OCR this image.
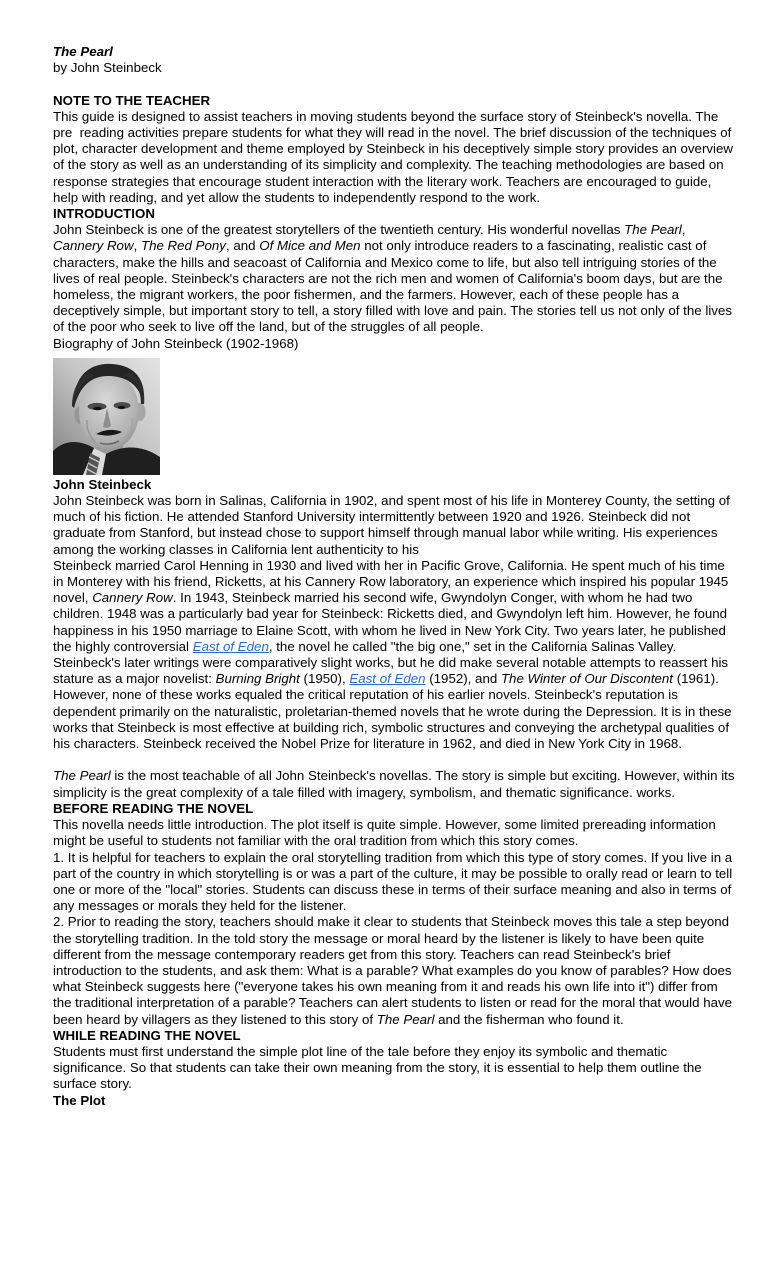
The Pearl
by John Steinbeck
NOTE TO THE TEACHER
This guide is designed to assist teachers in moving students beyond the surface story of Steinbeck's novella. The pre  reading activities prepare students for what they will read in the novel. The brief discussion of the techniques of plot, character development and theme employed by Steinbeck in his deceptively simple story provides an overview of the story as well as an understanding of its simplicity and complexity. The teaching methodologies are based on response strategies that encourage student interaction with the literary work. Teachers are encouraged to guide, help with reading, and yet allow the students to independently respond to the work.
INTRODUCTION
John Steinbeck is one of the greatest storytellers of the twentieth century. His wonderful novellas The Pearl, Cannery Row, The Red Pony, and Of Mice and Men not only introduce readers to a fascinating, realistic cast of characters, make the hills and seacoast of California and Mexico come to life, but also tell intriguing stories of the lives of real people. Steinbeck's characters are not the rich men and women of California's boom days, but are the homeless, the migrant workers, the poor fishermen, and the farmers. However, each of these people has a deceptively simple, but important story to tell, a story filled with love and pain. The stories tell us not only of the lives of the poor who seek to live off the land, but of the struggles of all people.
Biography of John Steinbeck (1902-1968)
John Steinbeck
John Steinbeck was born in Salinas, California in 1902, and spent most of his life in Monterey County, the setting of much of his fiction. He attended Stanford University intermittently between 1920 and 1926. Steinbeck did not graduate from Stanford, but instead chose to support himself through manual labor while writing. His experiences among the working classes in California lent authenticity to his
Steinbeck married Carol Henning in 1930 and lived with her in Pacific Grove, California. He spent much of his time in Monterey with his friend, Ricketts, at his Cannery Row laboratory, an experience which inspired his popular 1945 novel, Cannery Row. In 1943, Steinbeck married his second wife, Gwyndolyn Conger, with whom he had two children. 1948 was a particularly bad year for Steinbeck: Ricketts died, and Gwyndolyn left him. However, he found happiness in his 1950 marriage to Elaine Scott, with whom he lived in New York City. Two years later, he published the highly controversial East of Eden, the novel he called "the big one," set in the California Salinas Valley.
Steinbeck's later writings were comparatively slight works, but he did make several notable attempts to reassert his stature as a major novelist: Burning Bright (1950), East of Eden (1952), and The Winter of Our Discontent (1961). However, none of these works equaled the critical reputation of his earlier novels. Steinbeck's reputation is dependent primarily on the naturalistic, proletarian-themed novels that he wrote during the Depression. It is in these works that Steinbeck is most effective at building rich, symbolic structures and conveying the archetypal qualities of his characters. Steinbeck received the Nobel Prize for literature in 1962, and died in New York City in 1968.
The Pearl is the most teachable of all John Steinbeck's novellas. The story is simple but exciting. However, within its simplicity is the great complexity of a tale filled with imagery, symbolism, and thematic significance. works.
BEFORE READING THE NOVEL
This novella needs little introduction. The plot itself is quite simple. However, some limited prereading information might be useful to students not familiar with the oral tradition from which this story comes.
1. It is helpful for teachers to explain the oral storytelling tradition from which this type of story comes. If you live in a part of the country in which storytelling is or was a part of the culture, it may be possible to orally read or learn to tell one or more of the "local" stories. Students can discuss these in terms of their surface meaning and also in terms of any messages or morals they held for the listener.
2. Prior to reading the story, teachers should make it clear to students that Steinbeck moves this tale a step beyond the storytelling tradition. In the told story the message or moral heard by the listener is likely to have been quite different from the message contemporary readers get from this story. Teachers can read Steinbeck's brief introduction to the students, and ask them: What is a parable? What examples do you know of parables? How does what Steinbeck suggests here ("everyone takes his own meaning from it and reads his own life into it") differ from the traditional interpretation of a parable? Teachers can alert students to listen or read for the moral that would have been heard by villagers as they listened to this story of The Pearl and the fisherman who found it.
WHILE READING THE NOVEL
Students must first understand the simple plot line of the tale before they enjoy its symbolic and thematic significance. So that students can take their own meaning from the story, it is essential to help them outline the surface story.
The Plot
